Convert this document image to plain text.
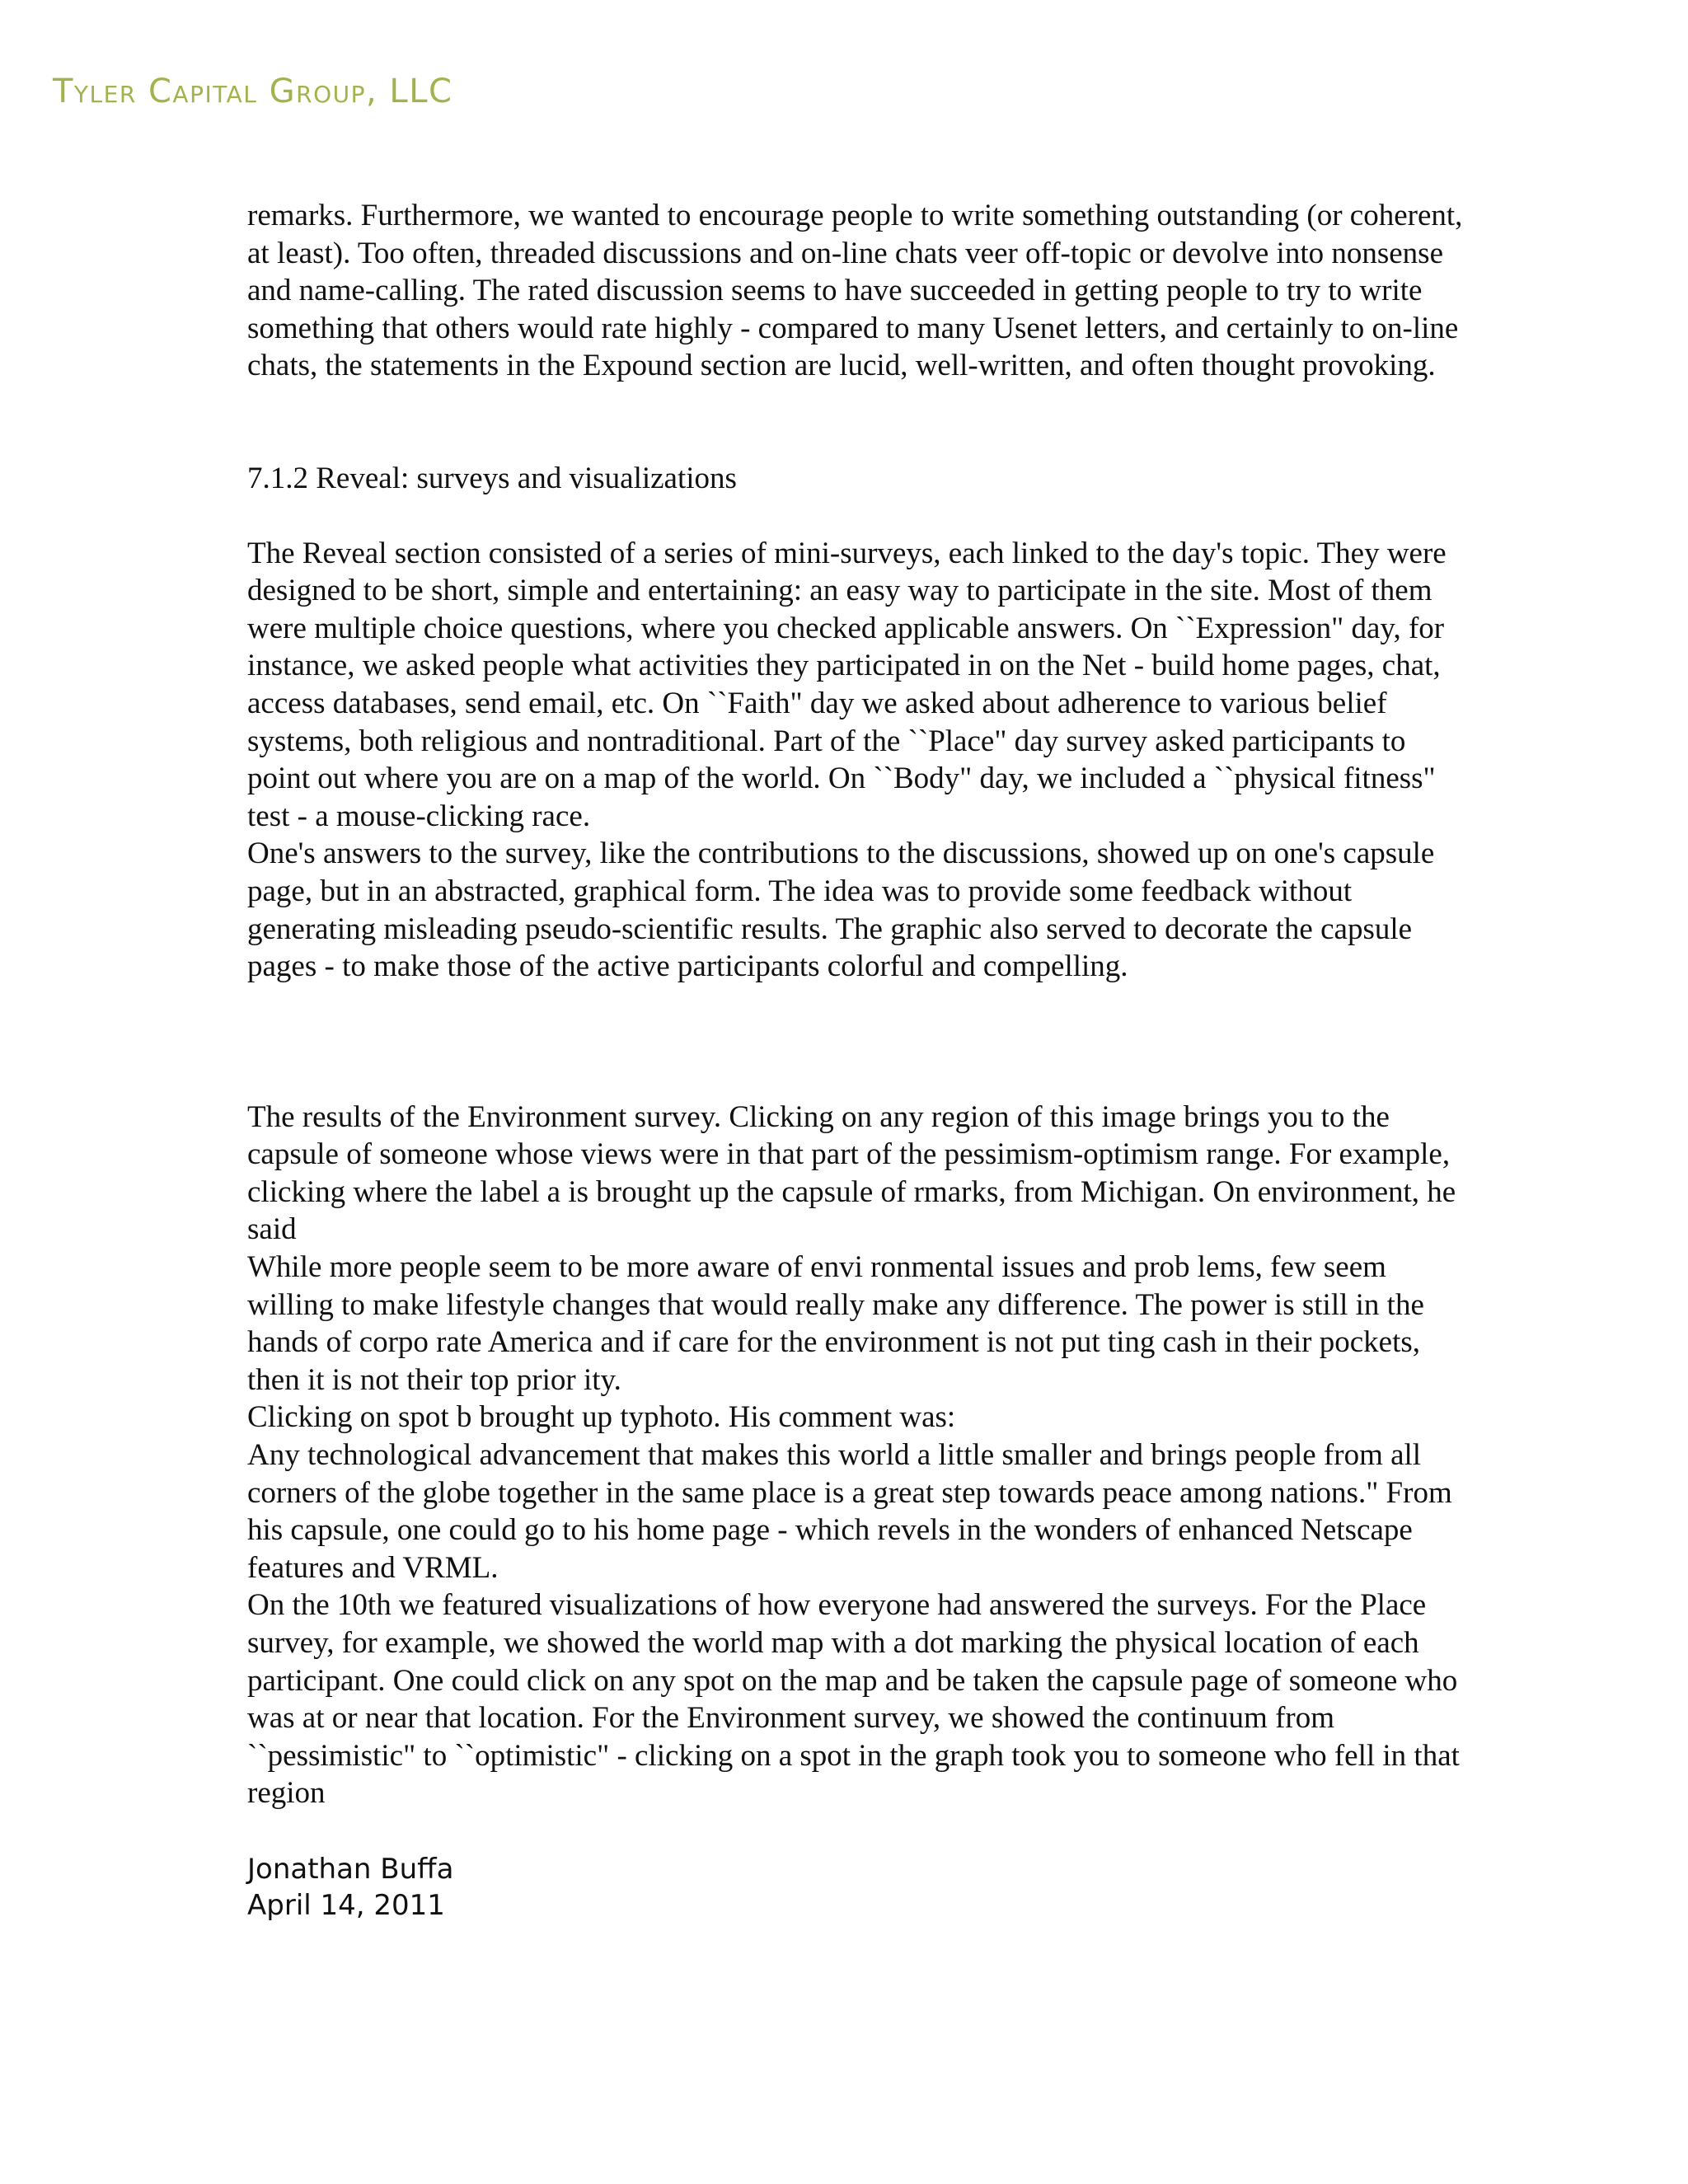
Tyler Capital Group, LLC

remarks. Furthermore, we wanted to encourage people to write something outstanding (or coherent, at least). Too often, threaded discussions and on-line chats veer off-topic or devolve into nonsense and name-calling. The rated discussion seems to have succeeded in getting people to try to write something that others would rate highly - compared to many Usenet letters, and certainly to on-line chats, the statements in the Expound section are lucid, well-written, and often thought provoking.

7.1.2 Reveal: surveys and visualizations

The Reveal section consisted of a series of mini-surveys, each linked to the day's topic. They were designed to be short, simple and entertaining: an easy way to participate in the site. Most of them were multiple choice questions, where you checked applicable answers. On ``Expression" day, for instance, we asked people what activities they participated in on the Net - build home pages, chat, access databases, send email, etc. On ``Faith" day we asked about adherence to various belief systems, both religious and nontraditional. Part of the ``Place" day survey asked participants to point out where you are on a map of the world. On ``Body" day, we included a ``physical fitness" test - a mouse-clicking race.

One's answers to the survey, like the contributions to the discussions, showed up on one's capsule page, but in an abstracted, graphical form. The idea was to provide some feedback without generating misleading pseudo-scientific results. The graphic also served to decorate the capsule pages - to make those of the active participants colorful and compelling.

The results of the Environment survey. Clicking on any region of this image brings you to the capsule of someone whose views were in that part of the pessimism-optimism range. For example, clicking where the label a is brought up the capsule of rmarks, from Michigan. On environment, he said

While more people seem to be more aware of envi ronmental issues and prob lems, few seem willing to make lifestyle changes that would really make any difference. The power is still in the hands of corpo rate America and if care for the environment is not put ting cash in their pockets, then it is not their top prior ity.

Clicking on spot b brought up typhoto. His comment was:

Any technological advancement that makes this world a little smaller and brings people from all corners of the globe together in the same place is a great step towards peace among nations." From his capsule, one could go to his home page - which revels in the wonders of enhanced Netscape features and VRML.

On the 10th we featured visualizations of how everyone had answered the surveys. For the Place survey, for example, we showed the world map with a dot marking the physical location of each participant. One could click on any spot on the map and be taken the capsule page of someone who was at or near that location. For the Environment survey, we showed the continuum from ``pessimistic" to ``optimistic" - clicking on a spot in the graph took you to someone who fell in that region

Jonathan Buffa
April 14, 2011
